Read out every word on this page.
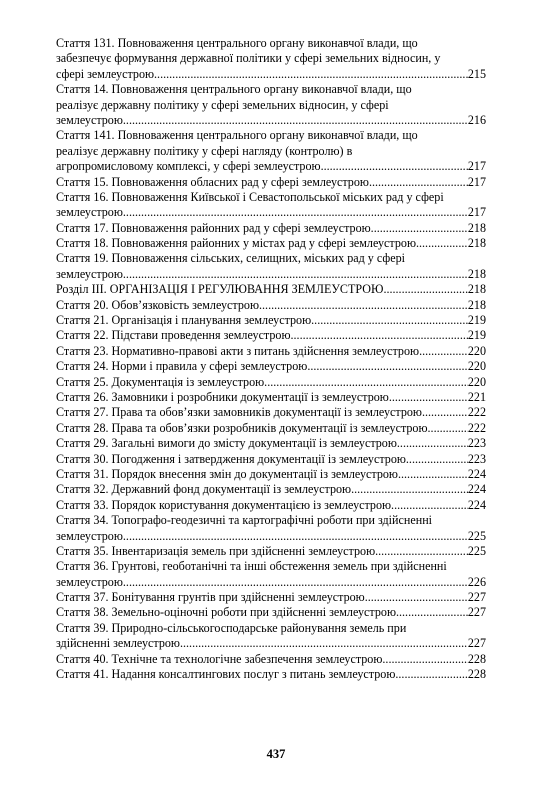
Стаття 131. Повноваження центрального органу виконавчої влади, що
забезпечує формування державної політики у сфері земельних відносин, у
сфері землеустрою .....	215
Стаття 14. Повноваження центрального органу виконавчої влади, що
реалізує державну політику у сфері земельних відносин, у сфері
землеустрою .....	216
Стаття 141. Повноваження центрального органу виконавчої влади, що
реалізує державну політику у сфері нагляду (контролю) в
агропромисловому комплексі, у сфері землеустрою .....	217
Стаття 15. Повноваження обласних рад у сфері землеустрою .....	217
Стаття 16. Повноваження Київської і Севастопольської міських рад у сфері
землеустрою .....	217
Стаття 17. Повноваження районних рад у сфері землеустрою .....	218
Стаття 18. Повноваження районних у містах рад у сфері землеустрою .....	218
Стаття 19. Повноваження сільських, селищних, міських рад у сфері
землеустрою .....	218
Розділ III. ОРГАНІЗАЦІЯ І РЕГУЛЮВАННЯ ЗЕМЛЕУСТРОЮ .....	218
Стаття 20. Обов’язковість землеустрою .....	218
Стаття 21. Організація і планування землеустрою .....	219
Стаття 22. Підстави проведення землеустрою .....	219
Стаття 23. Нормативно-правові акти з питань здійснення землеустрою .....	220
Стаття 24. Норми і правила у сфері землеустрою .....	220
Стаття 25. Документація із землеустрою .....	220
Стаття 26. Замовники і розробники документації із землеустрою .....	221
Стаття 27. Права та обов’язки замовників документації із землеустрою .....	222
Стаття 28. Права та обов’язки розробників документації із землеустрою .....	222
Стаття 29. Загальні вимоги до змісту документації із землеустрою .....	223
Стаття 30. Погодження і затвердження документації із землеустрою .....	223
Стаття 31. Порядок внесення змін до документації із землеустрою .....	224
Стаття 32. Державний фонд документації із землеустрою .....	224
Стаття 33. Порядок користування документацією із землеустрою .....	224
Стаття 34. Топографо-геодезичні та картографічні роботи при здійсненні
землеустрою .....	225
Стаття 35. Інвентаризація земель при здійсненні землеустрою .....	225
Стаття 36. Грунтові, геоботанічні та інші обстеження земель при здійсненні
землеустрою .....	226
Стаття 37. Бонітування грунтів при здійсненні землеустрою .....	227
Стаття 38. Земельно-оціночні роботи при здійсненні землеустрою .....	227
Стаття 39. Природно-сільськогосподарське районування земель при
здійсненні землеустрою .....	227
Стаття 40. Технічне та технологічне забезпечення землеустрою .....	228
Стаття 41. Надання консалтингових послуг з питань землеустрою .....	228
437
